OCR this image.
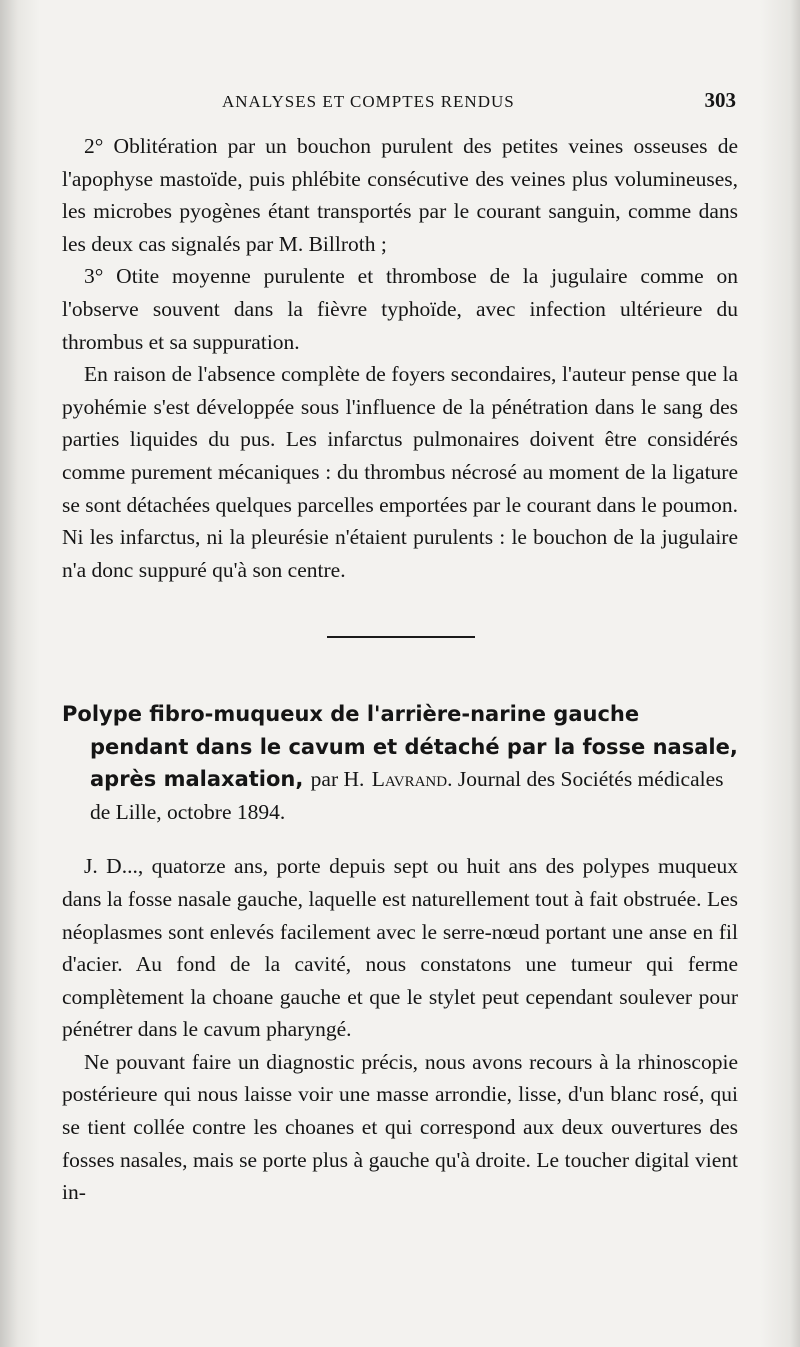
ANALYSES ET COMPTES RENDUS	303

2° Oblitération par un bouchon purulent des petites veines osseuses de l'apophyse mastoïde, puis phlébite consécutive des veines plus volumineuses, les microbes pyogènes étant transportés par le courant sanguin, comme dans les deux cas signalés par M. Billroth ;

3° Otite moyenne purulente et thrombose de la jugulaire comme on l'observe souvent dans la fièvre typhoïde, avec infection ultérieure du thrombus et sa suppuration.

En raison de l'absence complète de foyers secondaires, l'auteur pense que la pyohémie s'est développée sous l'influence de la pénétration dans le sang des parties liquides du pus. Les infarctus pulmonaires doivent être considérés comme purement mécaniques : du thrombus nécrosé au moment de la ligature se sont détachées quelques parcelles emportées par le courant dans le poumon. Ni les infarctus, ni la pleurésie n'étaient purulents : le bouchon de la jugulaire n'a donc suppuré qu'à son centre.

Polype fibro-muqueux de l'arrière-narine gauche pendant dans le cavum et détaché par la fosse nasale, après malaxation, par H. Lavrand. Journal des Sociétés médicales de Lille, octobre 1894.

J. D..., quatorze ans, porte depuis sept ou huit ans des polypes muqueux dans la fosse nasale gauche, laquelle est naturellement tout à fait obstruée. Les néoplasmes sont enlevés facilement avec le serre-nœud portant une anse en fil d'acier. Au fond de la cavité, nous constatons une tumeur qui ferme complètement la choane gauche et que le stylet peut cependant soulever pour pénétrer dans le cavum pharyngé.

Ne pouvant faire un diagnostic précis, nous avons recours à la rhinoscopie postérieure qui nous laisse voir une masse arrondie, lisse, d'un blanc rosé, qui se tient collée contre les choanes et qui correspond aux deux ouvertures des fosses nasales, mais se porte plus à gauche qu'à droite. Le toucher digital vient in-
